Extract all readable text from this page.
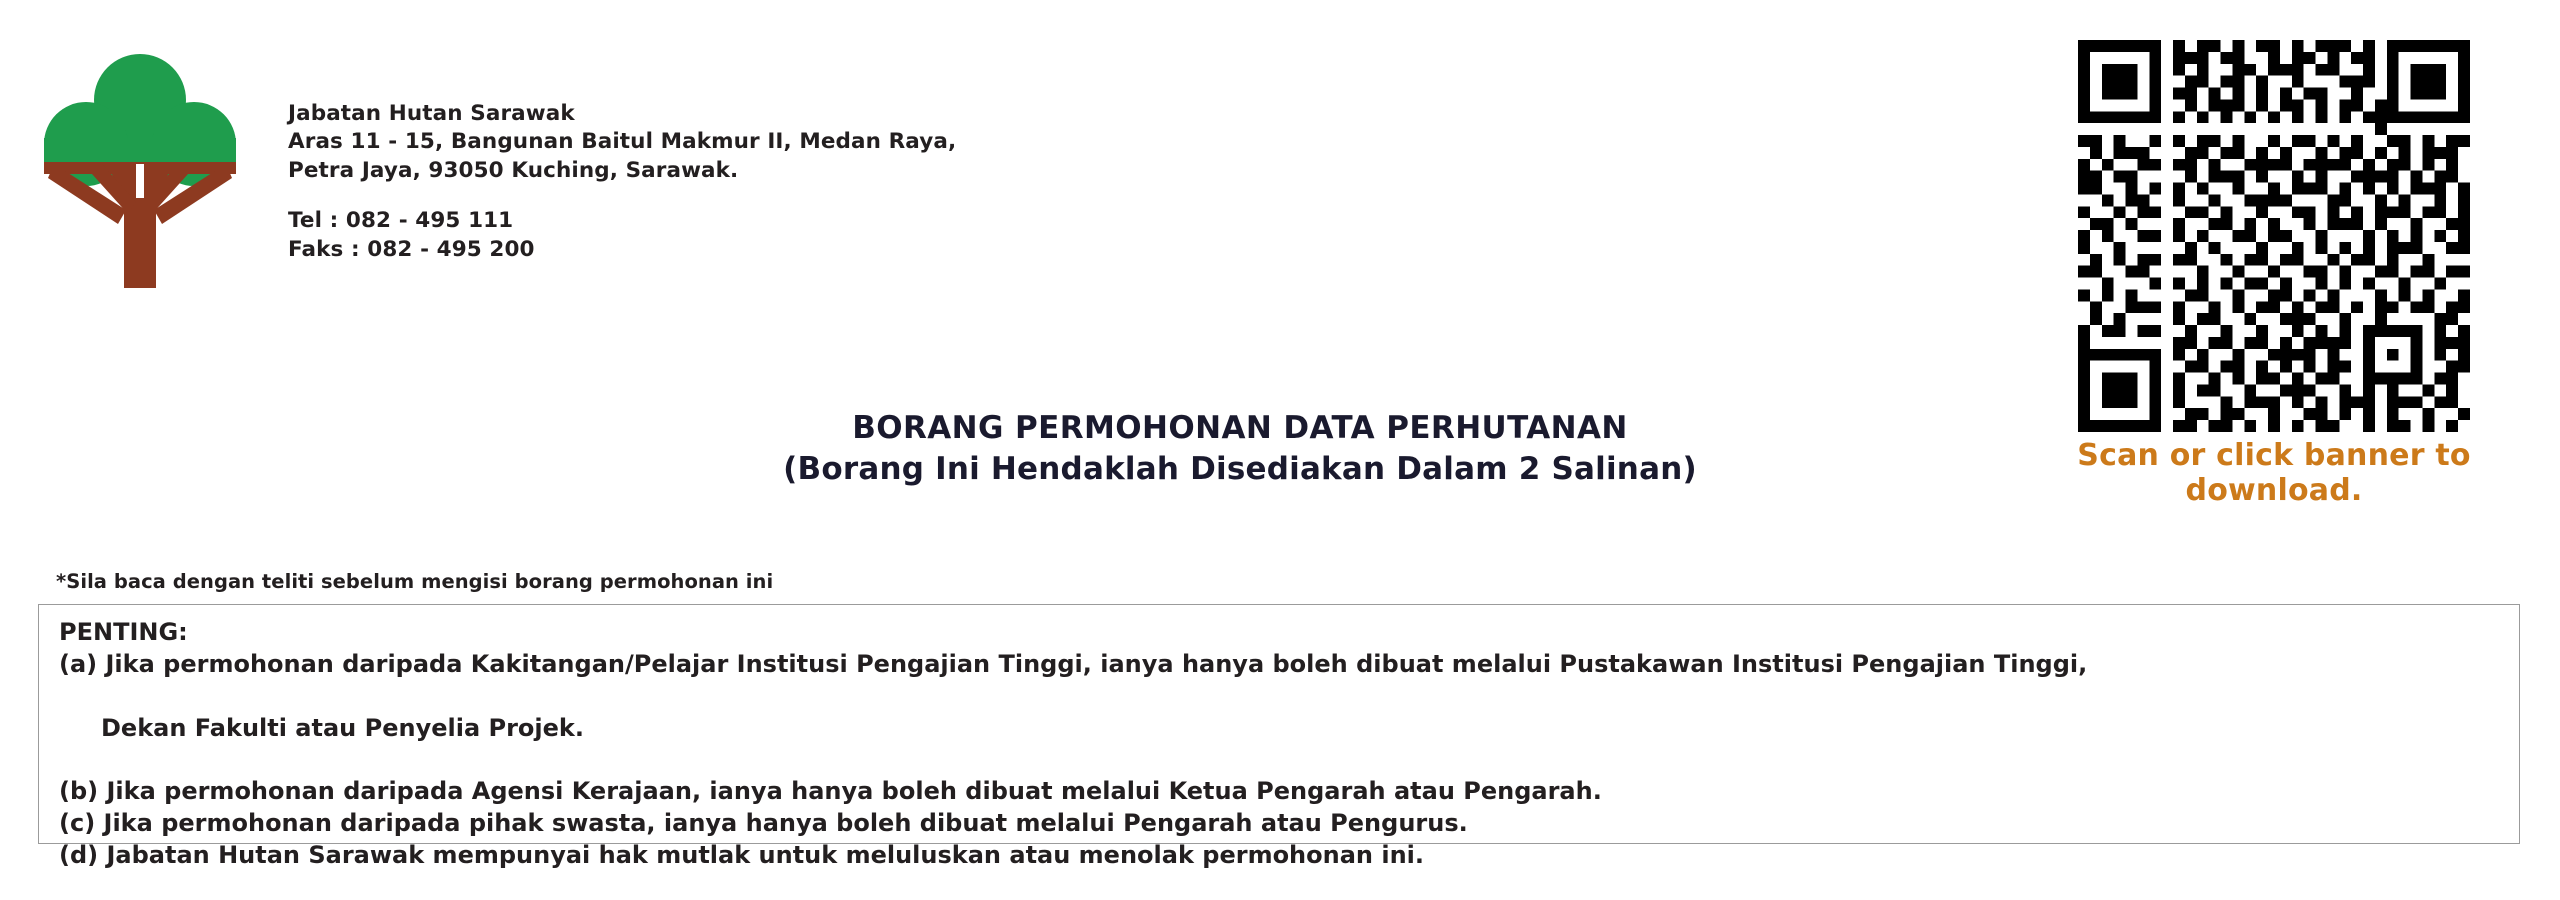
Jabatan Hutan Sarawak
Aras 11 - 15, Bangunan Baitul Makmur II, Medan Raya,
Petra Jaya, 93050 Kuching, Sarawak.
Tel : 082 - 495 111
Faks : 082 - 495 200
Scan or click banner to
download.
BORANG PERMOHONAN DATA PERHUTANAN
(Borang Ini Hendaklah Disediakan Dalam 2 Salinan)
*Sila baca dengan teliti sebelum mengisi borang permohonan ini
PENTING:
(a) Jika permohonan daripada Kakitangan/Pelajar Institusi Pengajian Tinggi, ianya hanya boleh dibuat melalui Pustakawan Institusi Pengajian Tinggi,

Dekan Fakulti atau Penyelia Projek.

(b) Jika permohonan daripada Agensi Kerajaan, ianya hanya boleh dibuat melalui Ketua Pengarah atau Pengarah.
(c) Jika permohonan daripada pihak swasta, ianya hanya boleh dibuat melalui Pengarah atau Pengurus.
(d) Jabatan Hutan Sarawak mempunyai hak mutlak untuk meluluskan atau menolak permohonan ini.
